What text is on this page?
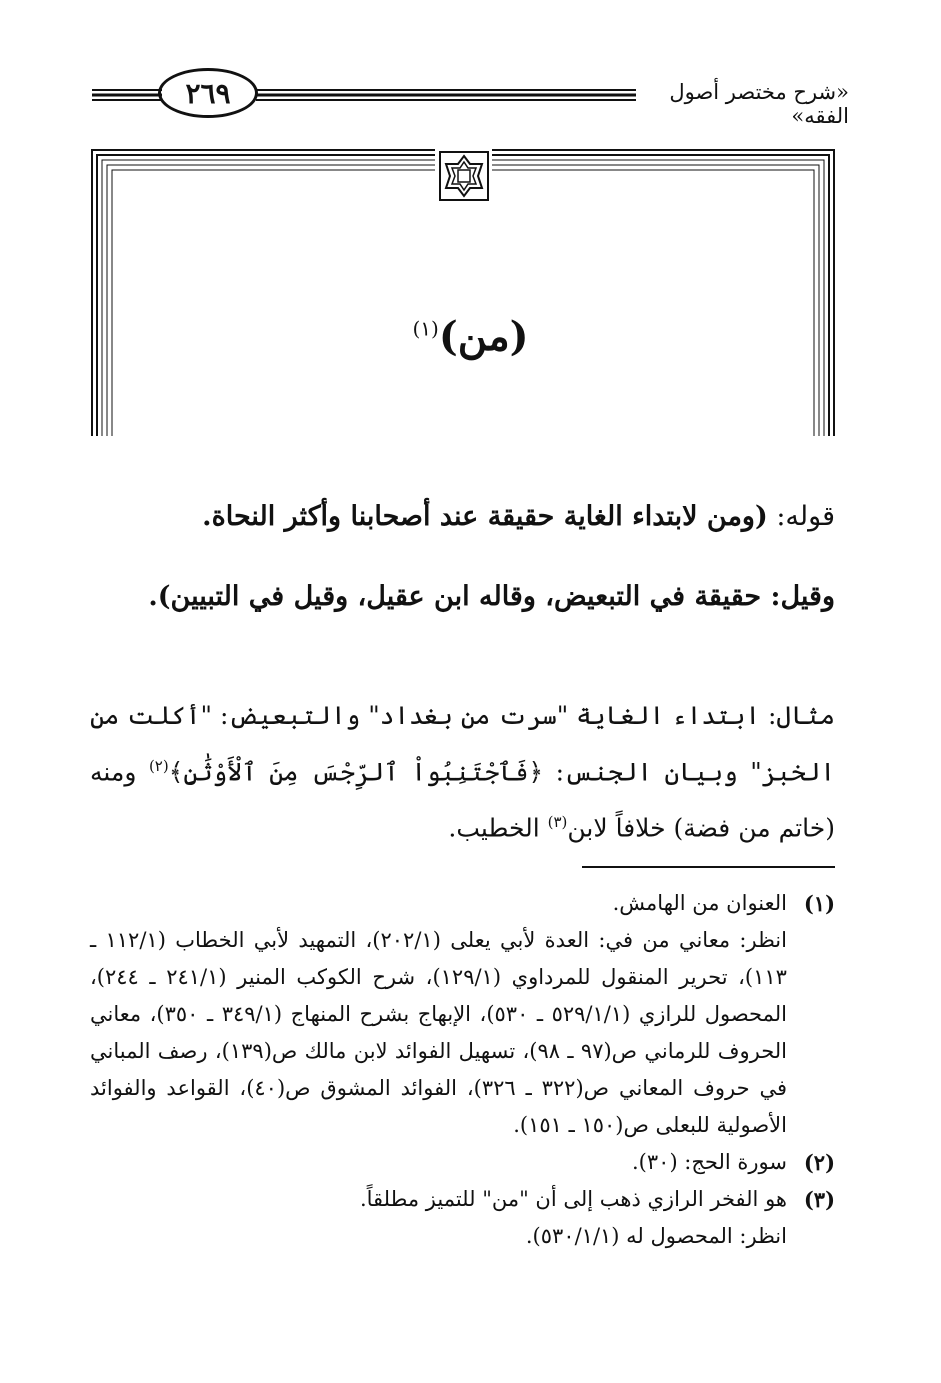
«شرح مختصر أصول الفقه»
٢٦٩
(من)$^{(١)}$
قوله: (ومن لابتداء الغاية حقيقة عند أصحابنا وأكثر النحاة.
وقيل: حقيقة في التبعيض، وقاله ابن عقيل، وقيل في التبيين).
مثال: ابتداء الغاية "سرت من بغداد" والتبعيض: "أكلت من الخبز" وبيان الجنس: ﴿فَٱجْتَنِبُواْ ٱلرِّجْسَ مِنَ ٱلْأَوْثَٰنِ﴾$^{(٢)}$ ومنه (خاتم من فضة) خلافاً لابن$^{(٣)}$ الخطيب.
(١)
العنوان من الهامش.
انظر: معاني من في: العدة لأبي يعلى (٢٠٢/١)، التمهيد لأبي الخطاب (١١٢/١ ـ ١١٣)، تحرير المنقول للمرداوي (١٢٩/١)، شرح الكوكب المنير (٢٤١/١ ـ ٢٤٤)، المحصول للرازي (٥٢٩/١/١ ـ ٥٣٠)، الإبهاج بشرح المنهاج (٣٤٩/١ ـ ٣٥٠)، معاني الحروف للرماني ص(٩٧ ـ ٩٨)، تسهيل الفوائد لابن مالك ص(١٣٩)، رصف المباني في حروف المعاني ص(٣٢٢ ـ ٣٢٦)، الفوائد المشوق ص(٤٠)، القواعد والفوائد الأصولية للبعلى ص(١٥٠ ـ ١٥١).
(٢)
سورة الحج: (٣٠).
(٣)
هو الفخر الرازي ذهب إلى أن "من" للتميز مطلقاً.
انظر: المحصول له (٥٣٠/١/١).
